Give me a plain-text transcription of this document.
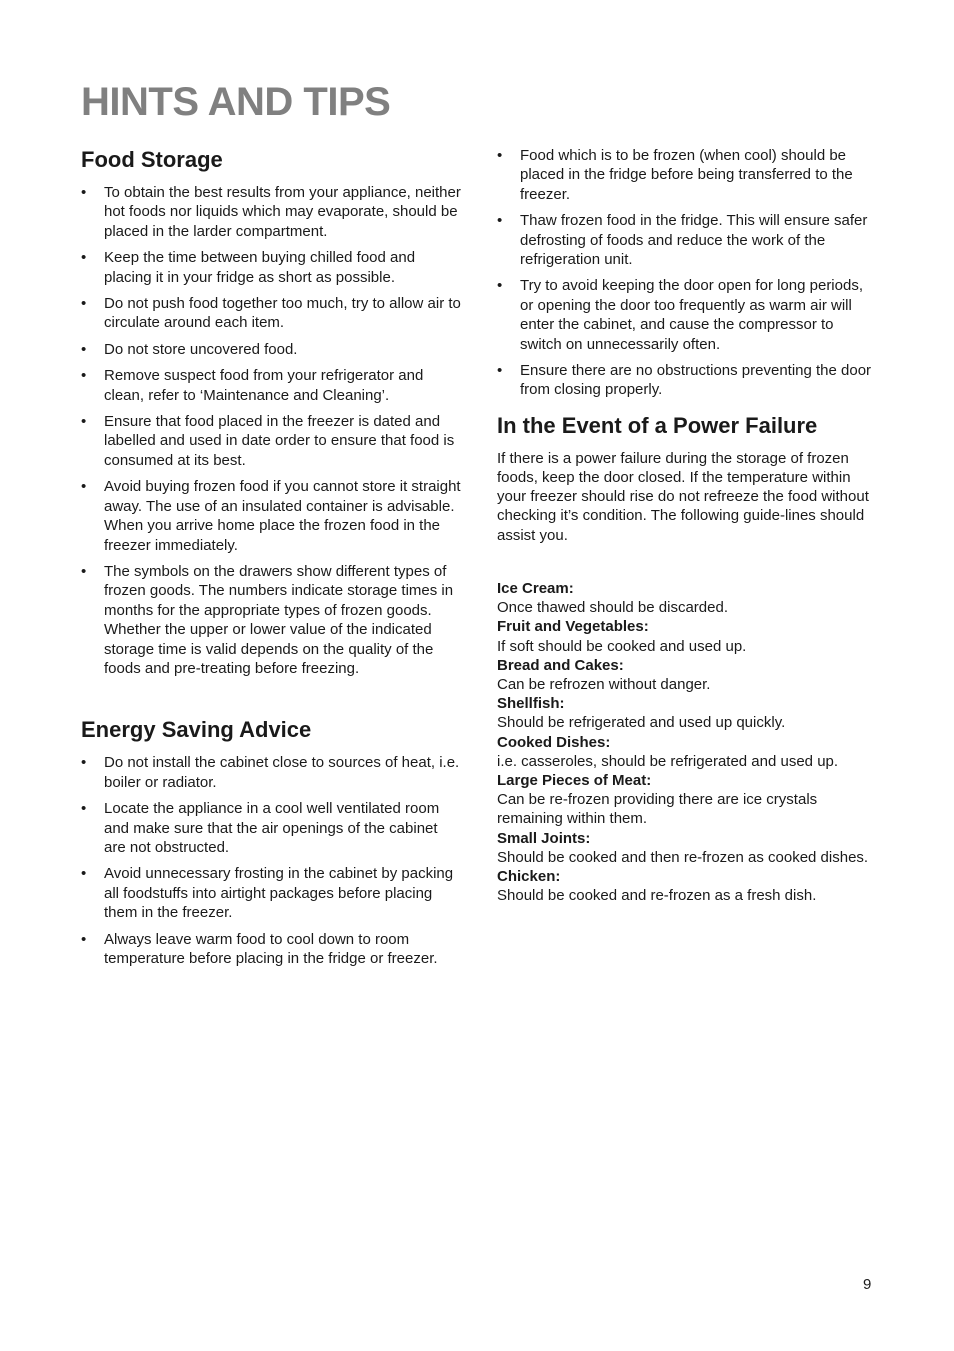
HINTS AND TIPS
Food Storage
• To obtain the best results from your appliance, neither hot foods nor liquids which may evaporate, should be placed in the larder compartment.
• Keep the time between buying chilled food and placing it in your fridge as short as possible.
• Do not push food together too much, try to allow air to circulate around each item.
• Do not store uncovered food.
• Remove suspect food from your refrigerator and clean, refer to ‘Maintenance and Cleaning’.
• Ensure that food placed in the freezer is dated and labelled and used in date order to ensure that food is consumed at its best.
• Avoid buying frozen food if you cannot store it straight away. The use of an insulated container is advisable. When you arrive home place the frozen food in the freezer immediately.
• The symbols on the drawers show different types of frozen goods. The numbers indicate storage times in months for the appropriate types of frozen goods. Whether the upper or lower value of the indicated storage time is valid depends on the quality of the foods and pre-treating before freezing.
Energy Saving Advice
• Do not install the cabinet close to sources of heat, i.e. boiler or radiator.
• Locate the appliance in a cool well ventilated room and make sure that the air openings of the cabinet are not obstructed.
• Avoid unnecessary frosting in the cabinet by packing all foodstuffs into airtight packages before placing them in the freezer.
• Always leave warm food to cool down to room temperature before placing in the fridge or freezer.
• Food which is to be frozen (when cool) should be placed in the fridge before being transferred to the freezer.
• Thaw frozen food in the fridge. This will ensure safer defrosting of foods and reduce the work of the refrigeration unit.
• Try to avoid keeping the door open for long periods, or opening the door too frequently as warm air will enter the cabinet, and cause the compressor to switch on unnecessarily often.
• Ensure there are no obstructions preventing the door from closing properly.
In the Event of a Power Failure

If there is a power failure during the storage of frozen foods, keep the door closed. If the temperature within your freezer should rise do not refreeze the food without checking it’s condition. The following guide-lines should assist you.

Ice Cream:
Once thawed should be discarded.
Fruit and Vegetables:
If soft should be cooked and used up.
Bread and Cakes:
Can be refrozen without danger.
Shellfish:
Should be refrigerated and used up quickly.
Cooked Dishes:
i.e. casseroles, should be refrigerated and used up.
Large Pieces of Meat:
Can be re-frozen providing there are ice crystals remaining within them.
Small Joints:
Should be cooked and then re-frozen as cooked dishes.
Chicken:
Should be cooked and re-frozen as a fresh dish.
9
